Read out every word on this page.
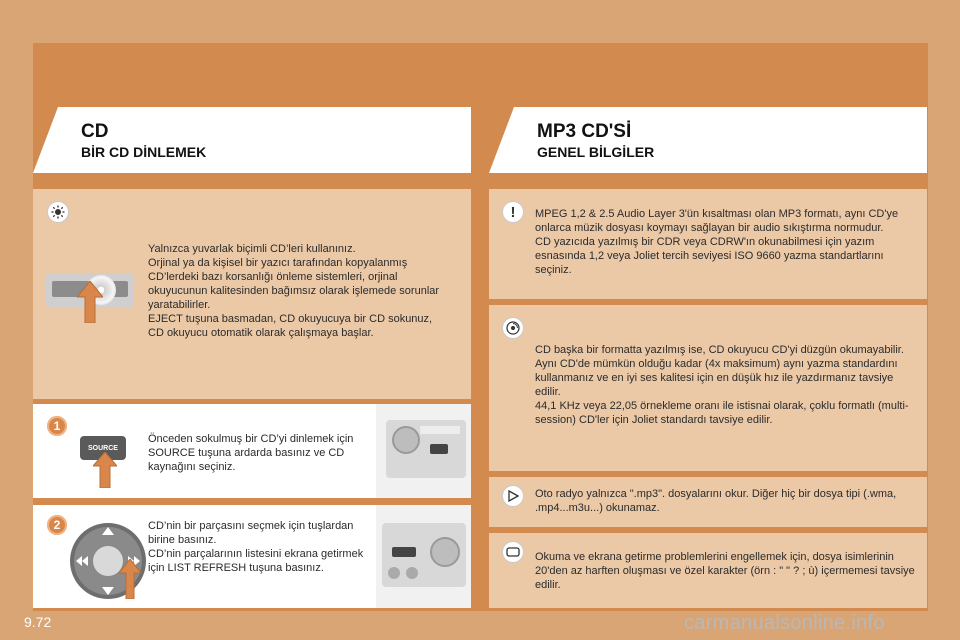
CD
BİR CD DİNLEMEK
MP3 CD'Sİ
GENEL BİLGİLER
Yalnızca yuvarlak biçimli CD’leri kullanınız.
Orjinal ya da kişisel bir yazıcı tarafından kopyalanmış CD’lerdeki bazı korsanlığı önleme sistemleri, orjinal okuyucunun kalitesinden bağımsız olarak işlemede sorunlar yaratabilirler.
EJECT tuşuna basmadan, CD okuyucuya bir CD sokunuz, CD okuyucu otomatik olarak çalışmaya başlar.
1
SOURCE
Önceden sokulmuş bir CD’yi dinlemek için SOURCE tuşuna ardarda basınız ve CD kaynağını seçiniz.
2	CD’nin bir parçasını seçmek için tuşlardan birine basınız.
CD’nin parçalarının listesini ekrana getirmek için LIST REFRESH tuşuna basınız.
!	MPEG 1,2 & 2.5 Audio Layer 3'ün kısaltması olan MP3 formatı, aynı CD'ye onlarca müzik dosyası koymayı sağlayan bir audio sıkıştırma normudur.
CD yazıcıda yazılmış bir CDR veya CDRW'ın okunabilmesi için yazım esnasında 1,2 veya Joliet tercih seviyesi ISO 9660 yazma standartlarını seçiniz.
CD başka bir formatta yazılmış ise, CD okuyucu CD'yi düzgün okumayabilir.
Aynı CD'de mümkün olduğu kadar (4x maksimum) aynı yazma standardını kullanmanız ve en iyi ses kalitesi için en düşük hız ile yazdırmanız tavsiye edilir.
44,1 KHz veya 22,05 örnekleme oranı ile istisnai olarak, çoklu formatlı (multi-session) CD'ler için Joliet standardı tavsiye edilir.
Oto radyo yalnızca ".mp3". dosyalarını okur. Diğer hiç bir dosya tipi (.wma, .mp4...m3u...) okunamaz.
Okuma ve ekrana getirme problemlerini engellemek için, dosya isimlerinin 20'den az harften oluşması ve özel karakter (örn : " " ? ; ù) içermemesi tavsiye edilir.
9.72	carmanualsonline.info
